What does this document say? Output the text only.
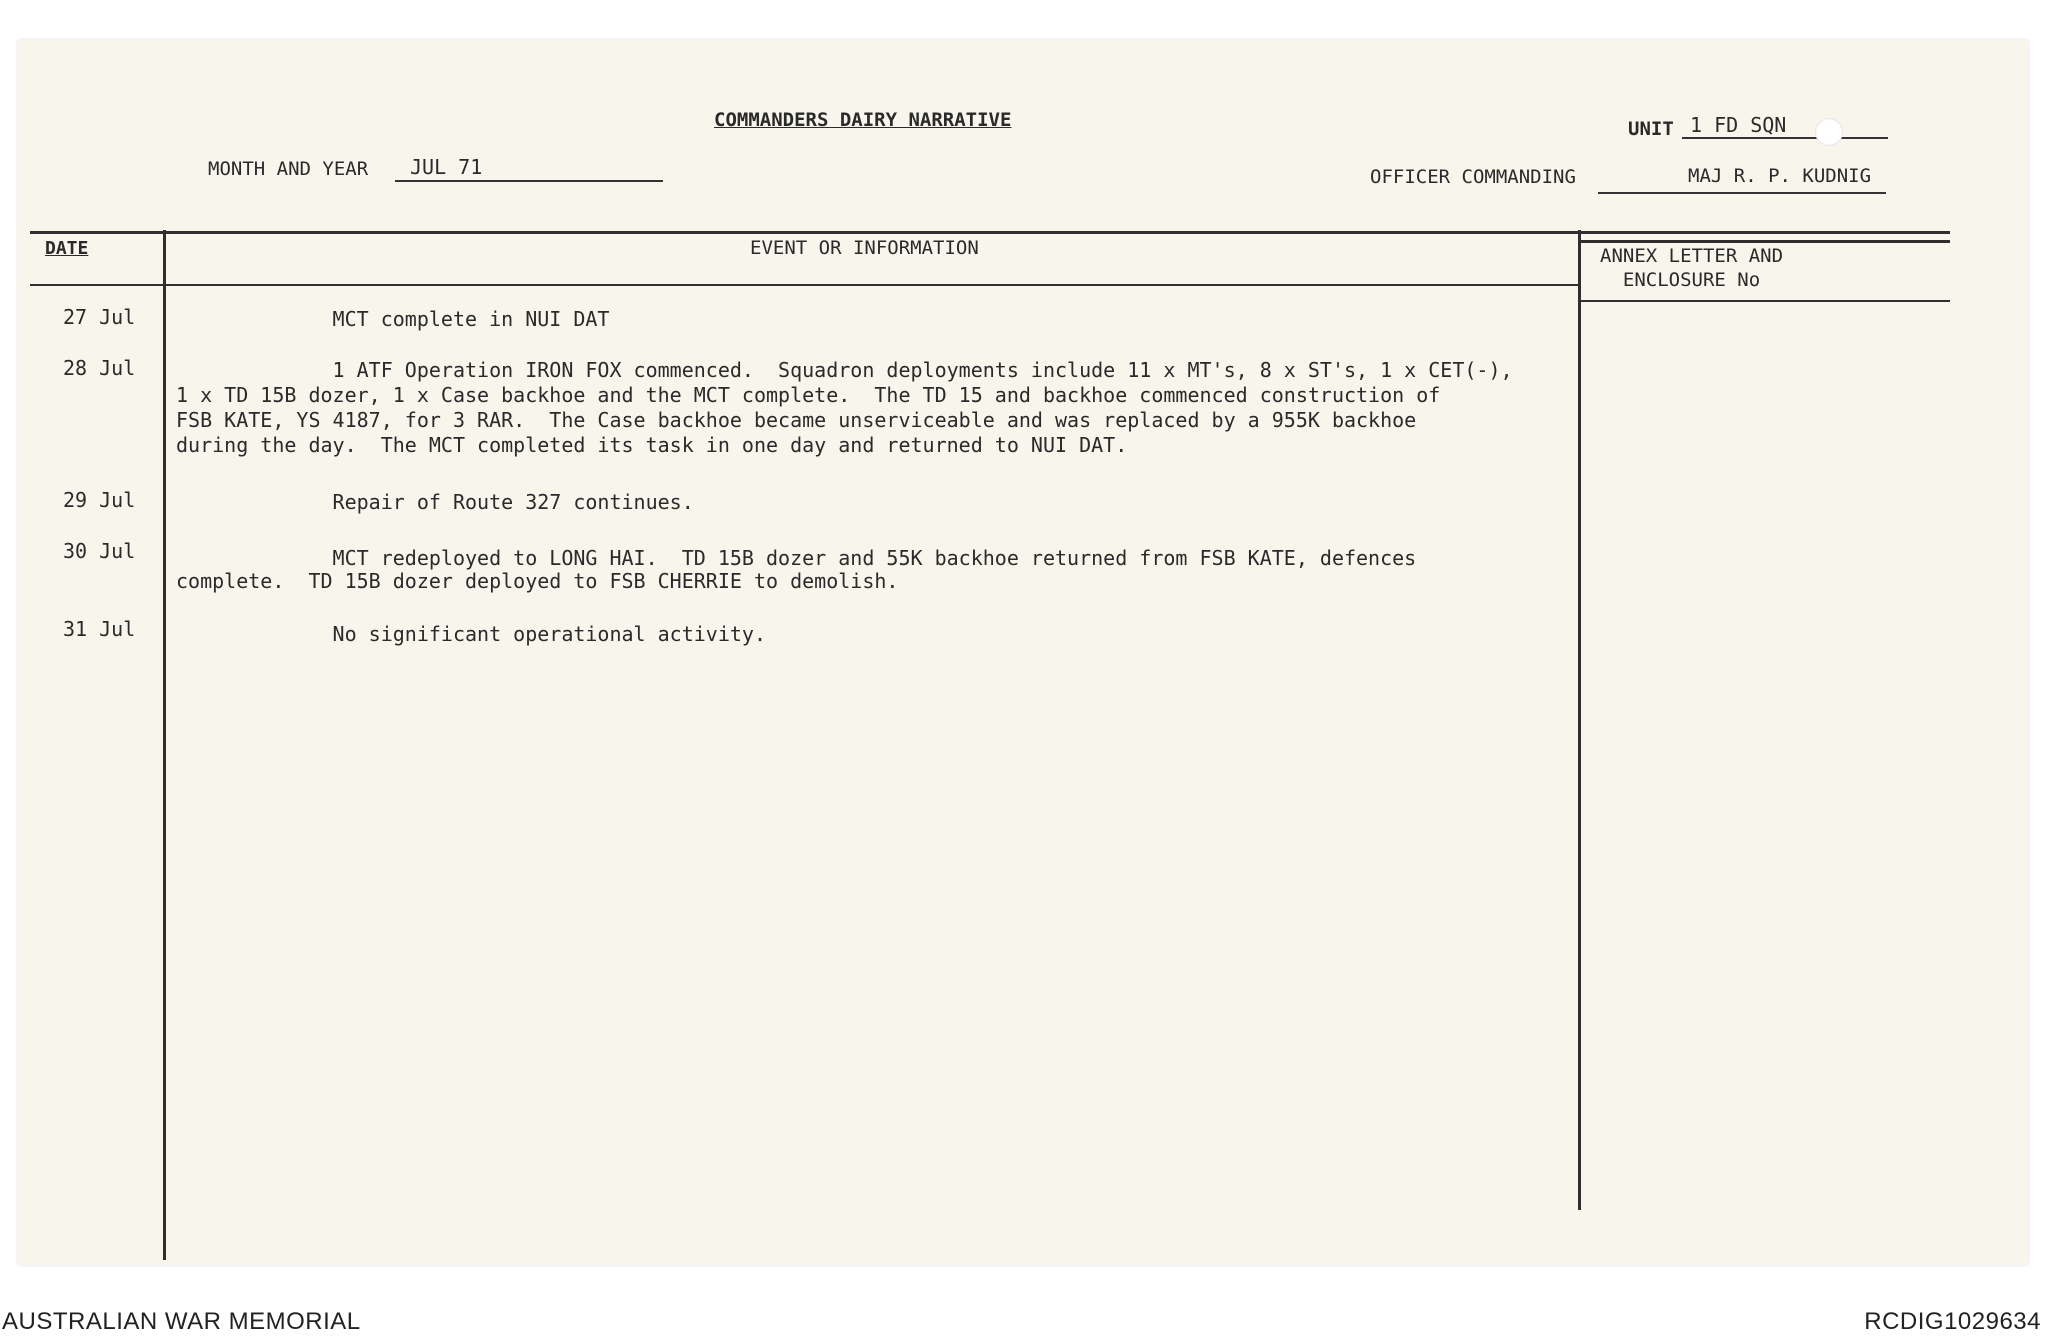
COMMANDERS DAIRY NARRATIVE
MONTH AND YEAR JUL 71
UNIT 1 FD SQN
OFFICER COMMANDING	MAJ R. P. KUDNIG
DATE	EVENT OR INFORMATION	ANNEX LETTER AND
ENCLOSURE No
27 Jul MCT complete in NUI DAT
28 Jul 1 ATF Operation IRON FOX commenced.  Squadron deployments include 11 x MT's, 8 x ST's, 1 x CET(-),
1 x TD 15B dozer, 1 x Case backhoe and the MCT complete.  The TD 15 and backhoe commenced construction of
FSB KATE, YS 4187, for 3 RAR.  The Case backhoe became unserviceable and was replaced by a 955K backhoe
during the day.  The MCT completed its task in one day and returned to NUI DAT.
29 Jul Repair of Route 327 continues.
30 Jul MCT redeployed to LONG HAI.  TD 15B dozer and 55K backhoe returned from FSB KATE, defences
complete.  TD 15B dozer deployed to FSB CHERRIE to demolish.
31 Jul No significant operational activity.
AUSTRALIAN WAR MEMORIAL	RCDIG1029634
